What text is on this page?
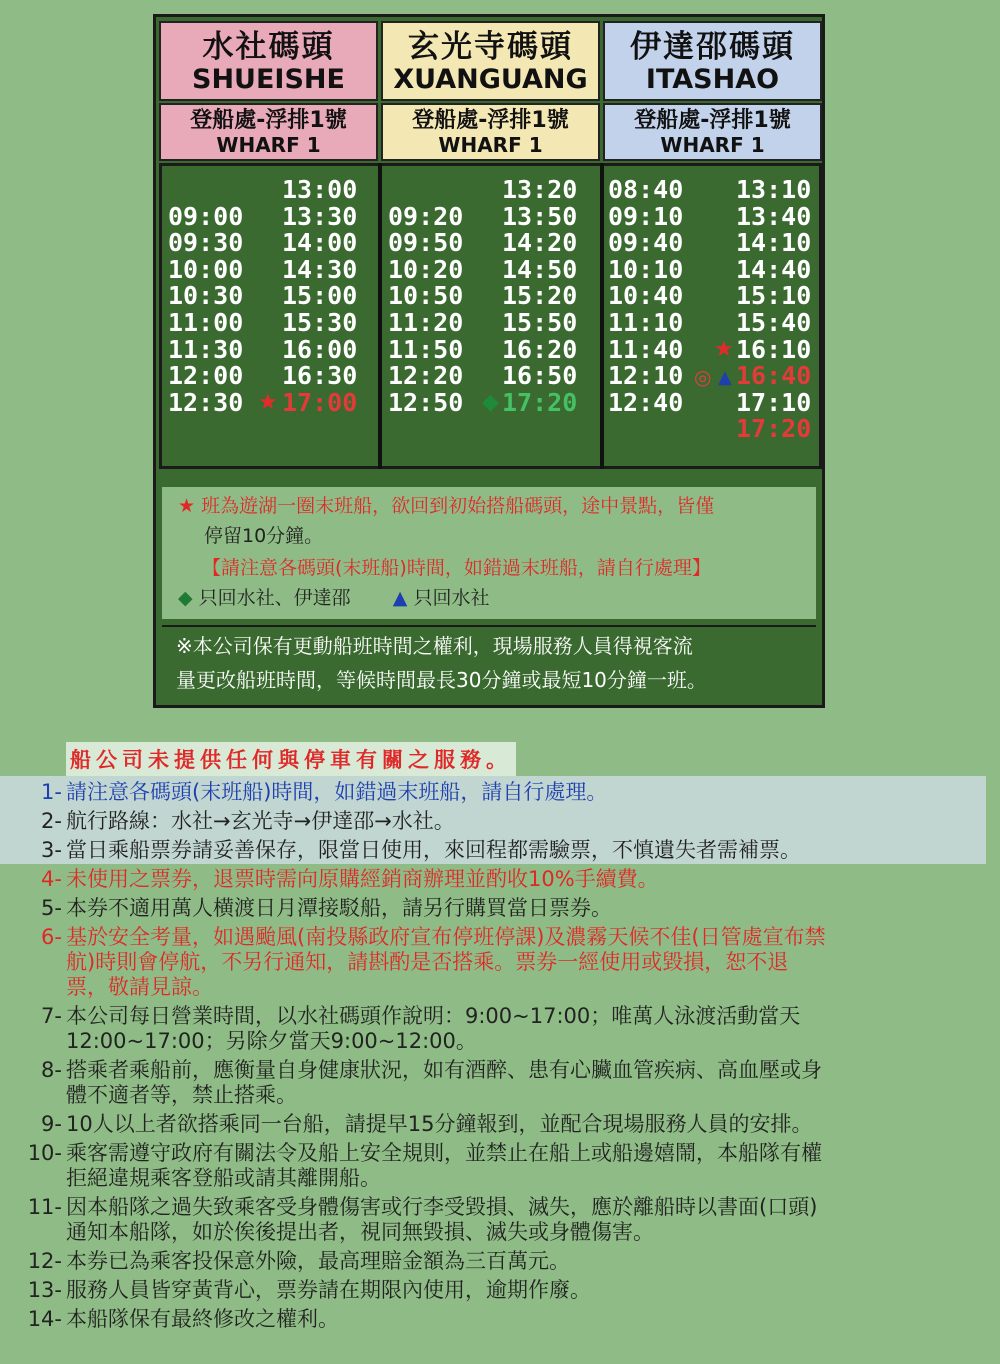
水社碼頭
SHUEISHE
玄光寺碼頭
XUANGUANG
伊達邵碼頭
ITASHAO
登船處-浮排1號
WHARF 1
登船處-浮排1號
WHARF 1
登船處-浮排1號
WHARF 1
09:00
09:30
10:00
10:30
11:00
11:30
12:00
12:30
13:00
13:30
14:00
14:30
15:00
15:30
16:00
16:30
17:00
09:20
09:50
10:20
10:50
11:20
11:50
12:20
12:50
13:20
13:50
14:20
14:50
15:20
15:50
16:20
16:50
17:20
08:40
09:10
09:40
10:10
10:40
11:10
11:40
12:10
12:40
13:10
13:40
14:10
14:40
15:10
15:40
16:10
16:40
17:10
17:20
★	◆
★
◎ ▲
★ 班為遊湖一圈末班船，欲回到初始搭船碼頭，途中景點，皆僅
停留10分鐘。
【請注意各碼頭(末班船)時間，如錯過末班船，請自行處理】
◆ 只回水社、伊達邵 ▲ 只回水社
※本公司保有更動船班時間之權利，現場服務人員得視客流
量更改船班時間，等候時間最長30分鐘或最短10分鐘一班。
船公司未提供任何與停車有關之服務。
1- 請注意各碼頭(末班船)時間，如錯過末班船，請自行處理。
2- 航行路線：水社→玄光寺→伊達邵→水社。
3- 當日乘船票券請妥善保存，限當日使用，來回程都需驗票，不慎遺失者需補票。
4- 未使用之票券，退票時需向原購經銷商辦理並酌收10%手續費。
5- 本券不適用萬人横渡日月潭接駁船，請另行購買當日票券。
6- 基於安全考量，如遇颱風(南投縣政府宣布停班停課)及濃霧天候不佳(日管處宣布禁
航)時則會停航，不另行通知，請斟酌是否搭乘。票券一經使用或毀損，恕不退
票，敬請見諒。
7- 本公司每日營業時間，以水社碼頭作說明：9:00~17:00；唯萬人泳渡活動當天
12:00~17:00；另除夕當天9:00~12:00。
8- 搭乘者乘船前，應衡量自身健康狀況，如有酒醉、患有心臟血管疾病、高血壓或身
體不適者等，禁止搭乘。
9- 10人以上者欲搭乘同一台船，請提早15分鐘報到，並配合現場服務人員的安排。
10- 乘客需遵守政府有關法令及船上安全規則，並禁止在船上或船邊嬉鬧，本船隊有權
拒絕違規乘客登船或請其離開船。
11- 因本船隊之過失致乘客受身體傷害或行李受毀損、滅失，應於離船時以書面(口頭)
通知本船隊，如於俟後提出者，視同無毀損、滅失或身體傷害。
12- 本券已為乘客投保意外險，最高理賠金額為三百萬元。
13- 服務人員皆穿黃背心，票券請在期限內使用，逾期作廢。
14- 本船隊保有最終修改之權利。
